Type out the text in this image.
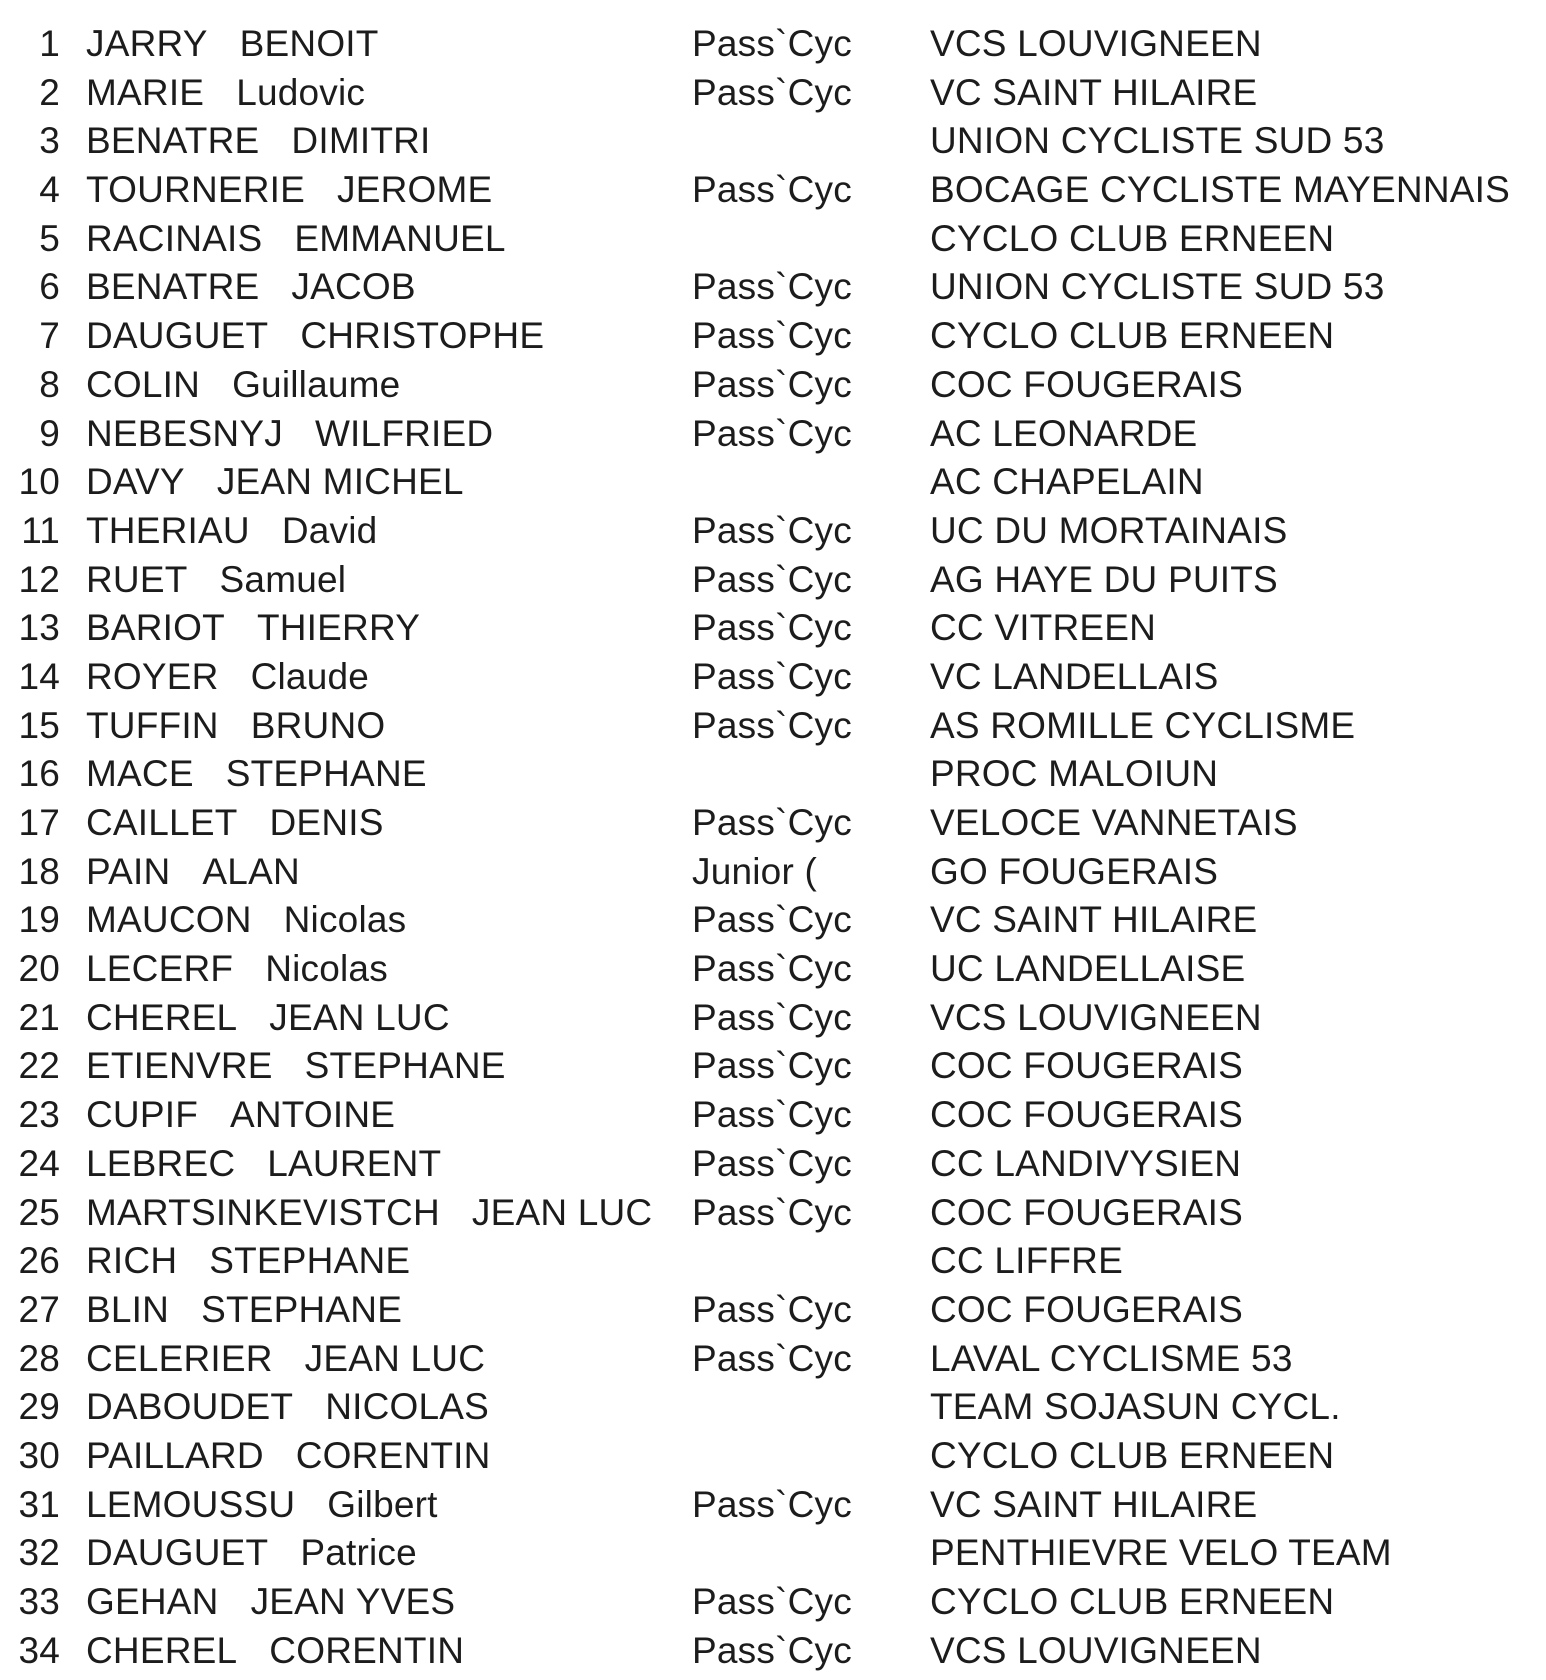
1 JARRY BENOIT	Pass`Cyc VCS LOUVIGNEEN
2 MARIE Ludovic	Pass`Cyc VC SAINT HILAIRE
3 BENATRE DIMITRI	UNION CYCLISTE SUD 53
4 TOURNERIE JEROME	Pass`Cyc BOCAGE CYCLISTE MAYENNAIS
5 RACINAIS EMMANUEL	CYCLO CLUB ERNEEN
6 BENATRE JACOB	Pass`Cyc UNION CYCLISTE SUD 53
7 DAUGUET CHRISTOPHE	Pass`Cyc CYCLO CLUB ERNEEN
8 COLIN Guillaume	Pass`Cyc COC FOUGERAIS
9 NEBESNYJ WILFRIED	Pass`Cyc AC LEONARDE
10 DAVY JEAN MICHEL	AC CHAPELAIN
11 THERIAU David	Pass`Cyc UC DU MORTAINAIS
12 RUET Samuel	Pass`Cyc AG HAYE DU PUITS
13 BARIOT THIERRY	Pass`Cyc CC VITREEN
14 ROYER Claude	Pass`Cyc VC LANDELLAIS
15 TUFFIN BRUNO	Pass`Cyc AS ROMILLE CYCLISME
16 MACE STEPHANE	PROC MALOIUN
17 CAILLET DENIS	Pass`Cyc VELOCE VANNETAIS
18 PAIN ALAN	Junior (	GO FOUGERAIS
19 MAUCON Nicolas	Pass`Cyc VC SAINT HILAIRE
20 LECERF Nicolas	Pass`Cyc UC LANDELLAISE
21 CHEREL JEAN LUC	Pass`Cyc VCS LOUVIGNEEN
22 ETIENVRE STEPHANE	Pass`Cyc COC FOUGERAIS
23 CUPIF ANTOINE	Pass`Cyc COC FOUGERAIS
24 LEBREC LAURENT	Pass`Cyc CC LANDIVYSIEN
25 MARTSINKEVISTCH JEAN LUC Pass`Cyc COC FOUGERAIS
26 RICH STEPHANE	CC LIFFRE
27 BLIN STEPHANE	Pass`Cyc COC FOUGERAIS
28 CELERIER JEAN LUC	Pass`Cyc LAVAL CYCLISME 53
29 DABOUDET NICOLAS	TEAM SOJASUN CYCL.
30 PAILLARD CORENTIN	CYCLO CLUB ERNEEN
31 LEMOUSSU Gilbert	Pass`Cyc VC SAINT HILAIRE
32 DAUGUET Patrice	PENTHIEVRE VELO TEAM
33 GEHAN JEAN YVES	Pass`Cyc CYCLO CLUB ERNEEN
34 CHEREL CORENTIN	Pass`Cyc VCS LOUVIGNEEN
